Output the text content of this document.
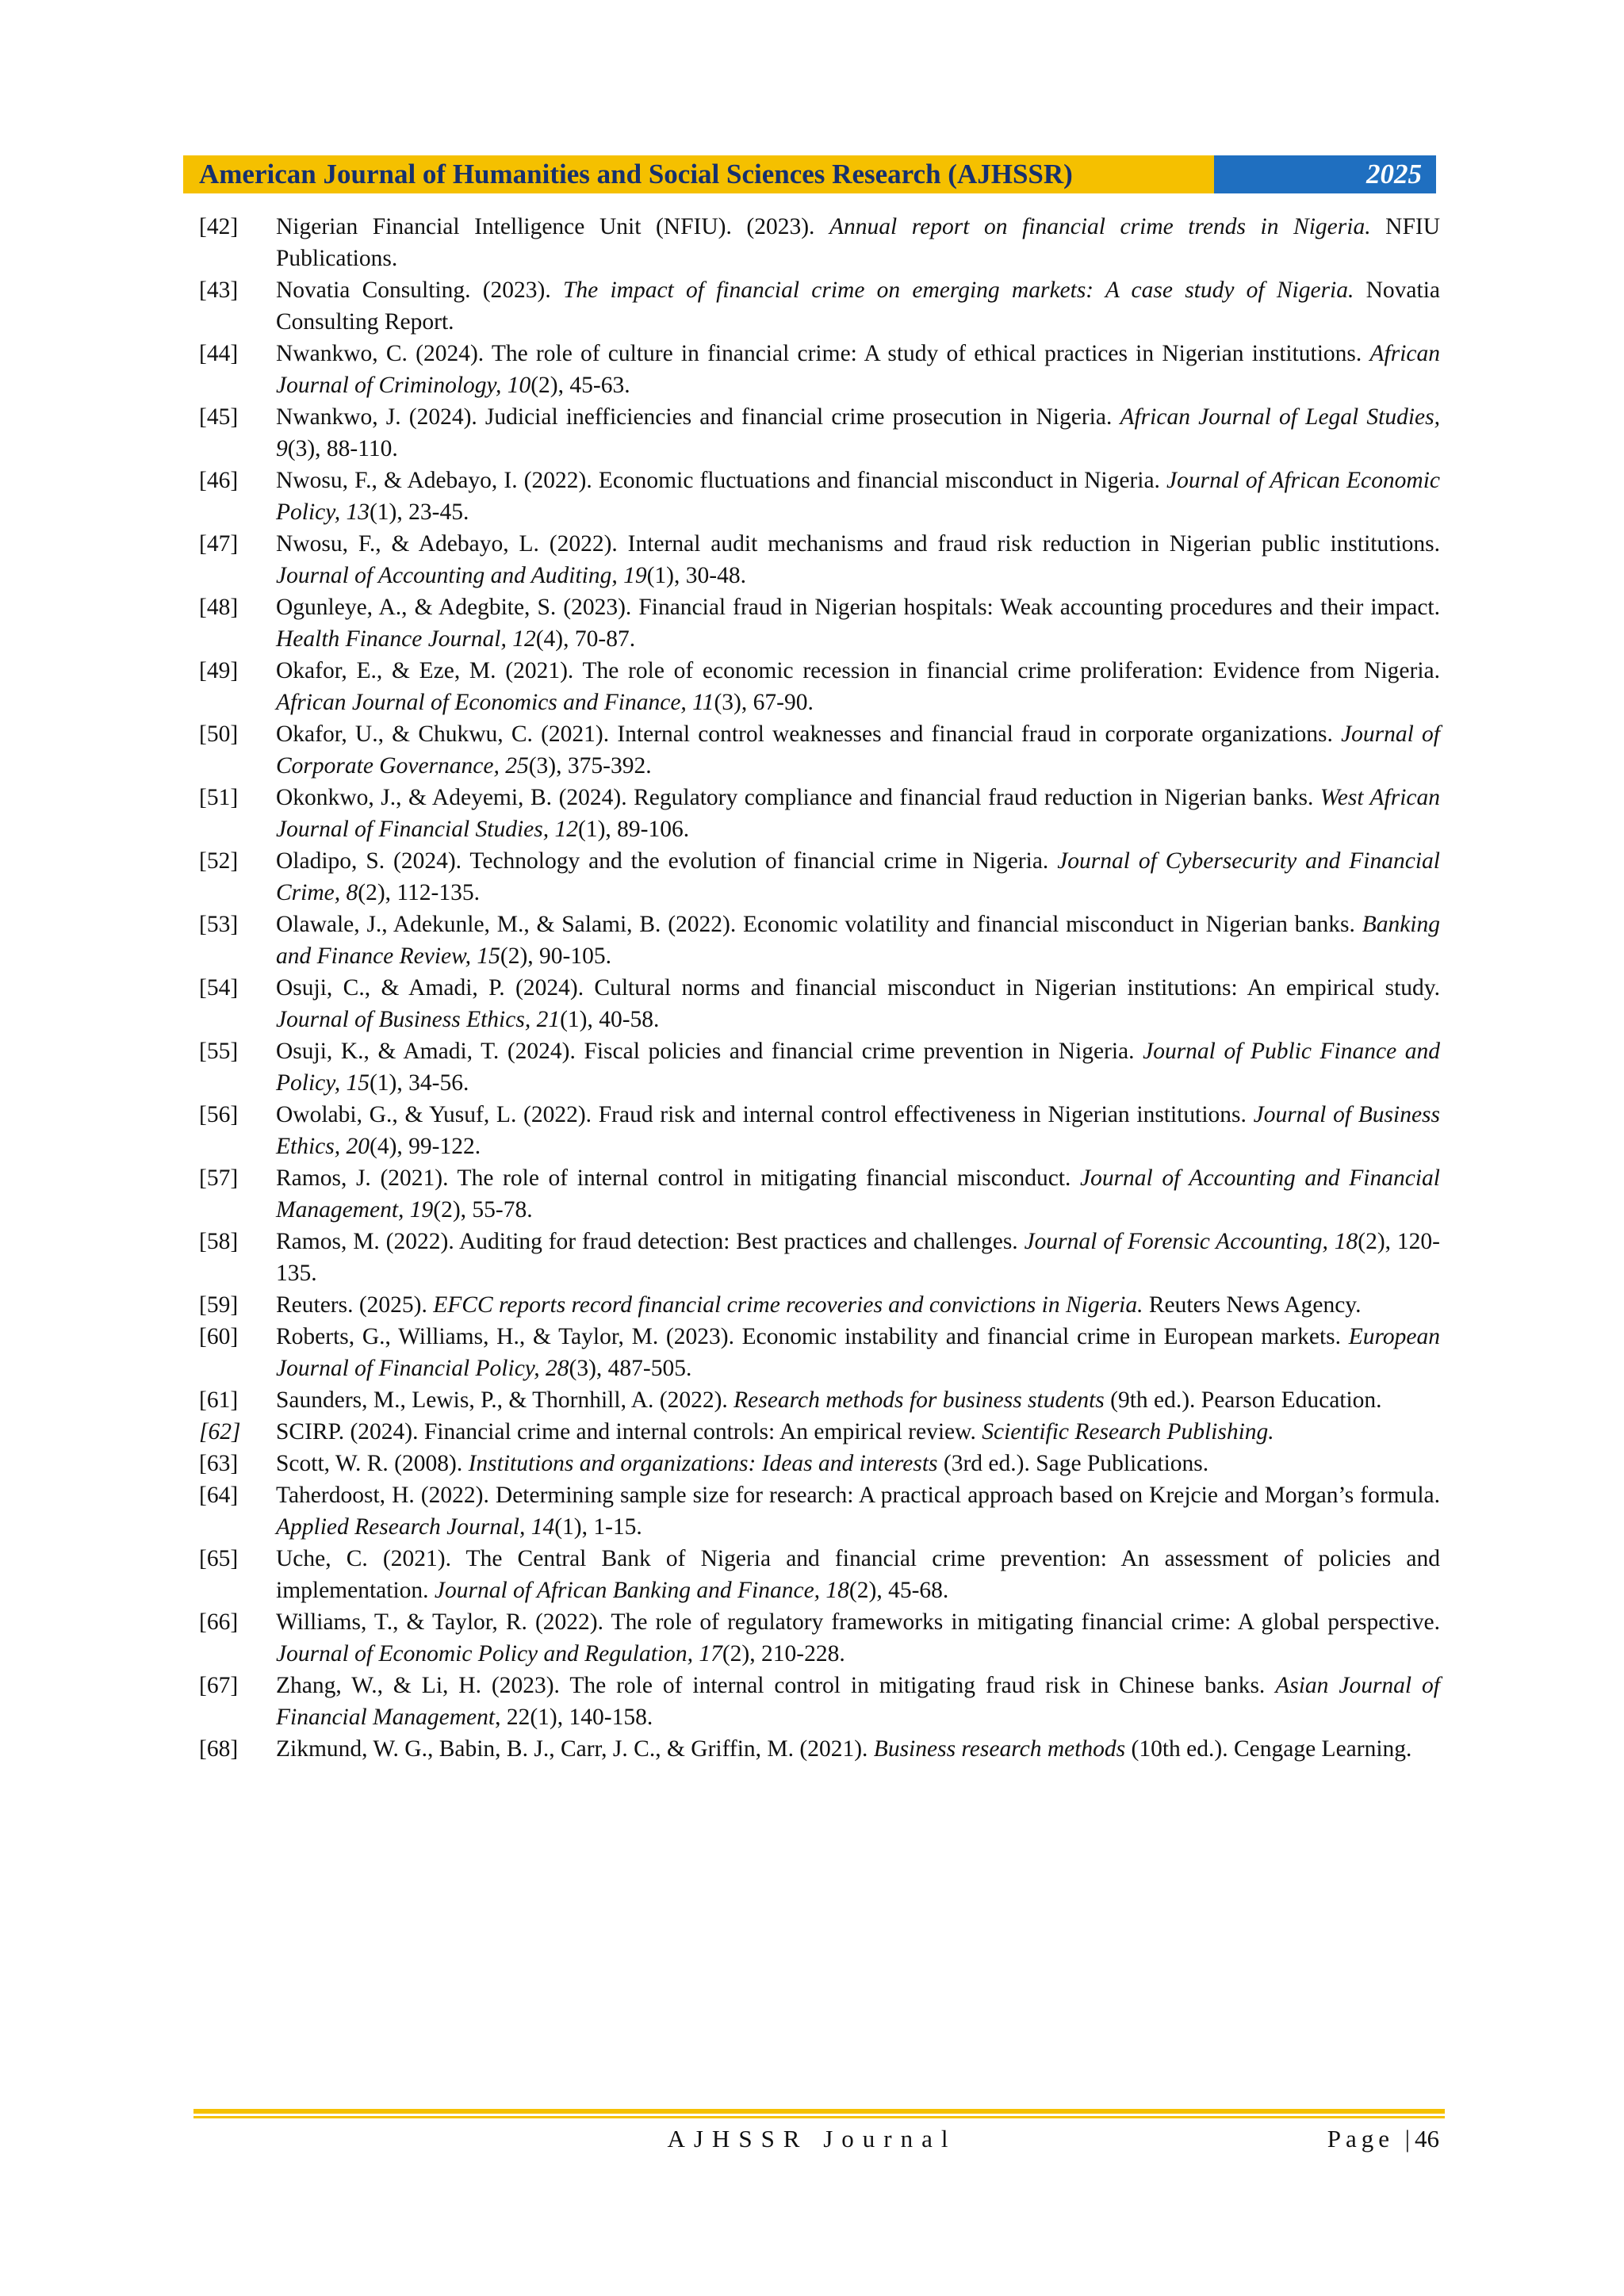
American Journal of Humanities and Social Sciences Research (AJHSSR)	2025
[42]	Nigerian Financial Intelligence Unit (NFIU). (2023). Annual report on financial crime trends in Nigeria. NFIU Publications.
[43]	Novatia Consulting. (2023). The impact of financial crime on emerging markets: A case study of Nigeria. Novatia Consulting Report.
[44]	Nwankwo, C. (2024). The role of culture in financial crime: A study of ethical practices in Nigerian institutions. African Journal of Criminology, 10(2), 45-63.
[45]	Nwankwo, J. (2024). Judicial inefficiencies and financial crime prosecution in Nigeria. African Journal of Legal Studies, 9(3), 88-110.
[46]	Nwosu, F., & Adebayo, I. (2022). Economic fluctuations and financial misconduct in Nigeria. Journal of African Economic Policy, 13(1), 23-45.
[47]	Nwosu, F., & Adebayo, L. (2022). Internal audit mechanisms and fraud risk reduction in Nigerian public institutions. Journal of Accounting and Auditing, 19(1), 30-48.
[48]	Ogunleye, A., & Adegbite, S. (2023). Financial fraud in Nigerian hospitals: Weak accounting procedures and their impact. Health Finance Journal, 12(4), 70-87.
[49]	Okafor, E., & Eze, M. (2021). The role of economic recession in financial crime proliferation: Evidence from Nigeria. African Journal of Economics and Finance, 11(3), 67-90.
[50]	Okafor, U., & Chukwu, C. (2021). Internal control weaknesses and financial fraud in corporate organizations. Journal of Corporate Governance, 25(3), 375-392.
[51]	Okonkwo, J., & Adeyemi, B. (2024). Regulatory compliance and financial fraud reduction in Nigerian banks. West African Journal of Financial Studies, 12(1), 89-106.
[52]	Oladipo, S. (2024). Technology and the evolution of financial crime in Nigeria. Journal of Cybersecurity and Financial Crime, 8(2), 112-135.
[53]	Olawale, J., Adekunle, M., & Salami, B. (2022). Economic volatility and financial misconduct in Nigerian banks. Banking and Finance Review, 15(2), 90-105.
[54]	Osuji, C., & Amadi, P. (2024). Cultural norms and financial misconduct in Nigerian institutions: An empirical study. Journal of Business Ethics, 21(1), 40-58.
[55]	Osuji, K., & Amadi, T. (2024). Fiscal policies and financial crime prevention in Nigeria. Journal of Public Finance and Policy, 15(1), 34-56.
[56]	Owolabi, G., & Yusuf, L. (2022). Fraud risk and internal control effectiveness in Nigerian institutions. Journal of Business Ethics, 20(4), 99-122.
[57]	Ramos, J. (2021). The role of internal control in mitigating financial misconduct. Journal of Accounting and Financial Management, 19(2), 55-78.
[58]	Ramos, M. (2022). Auditing for fraud detection: Best practices and challenges. Journal of Forensic Accounting, 18(2), 120-135.
[59]	Reuters. (2025). EFCC reports record financial crime recoveries and convictions in Nigeria. Reuters News Agency.
[60]	Roberts, G., Williams, H., & Taylor, M. (2023). Economic instability and financial crime in European markets. European Journal of Financial Policy, 28(3), 487-505.
[61]	Saunders, M., Lewis, P., & Thornhill, A. (2022). Research methods for business students (9th ed.). Pearson Education.
[62]	SCIRP. (2024). Financial crime and internal controls: An empirical review. Scientific Research Publishing.
[63]	Scott, W. R. (2008). Institutions and organizations: Ideas and interests (3rd ed.). Sage Publications.
[64]	Taherdoost, H. (2022). Determining sample size for research: A practical approach based on Krejcie and Morgan’s formula. Applied Research Journal, 14(1), 1-15.
[65]	Uche, C. (2021). The Central Bank of Nigeria and financial crime prevention: An assessment of policies and implementation. Journal of African Banking and Finance, 18(2), 45-68.
[66]	Williams, T., & Taylor, R. (2022). The role of regulatory frameworks in mitigating financial crime: A global perspective. Journal of Economic Policy and Regulation, 17(2), 210-228.
[67]	Zhang, W., & Li, H. (2023). The role of internal control in mitigating fraud risk in Chinese banks. Asian Journal of Financial Management, 22(1), 140-158.
[68]	Zikmund, W. G., Babin, B. J., Carr, J. C., & Griffin, M. (2021). Business research methods (10th ed.). Cengage Learning.
AJHSSR Journal	Page |46
